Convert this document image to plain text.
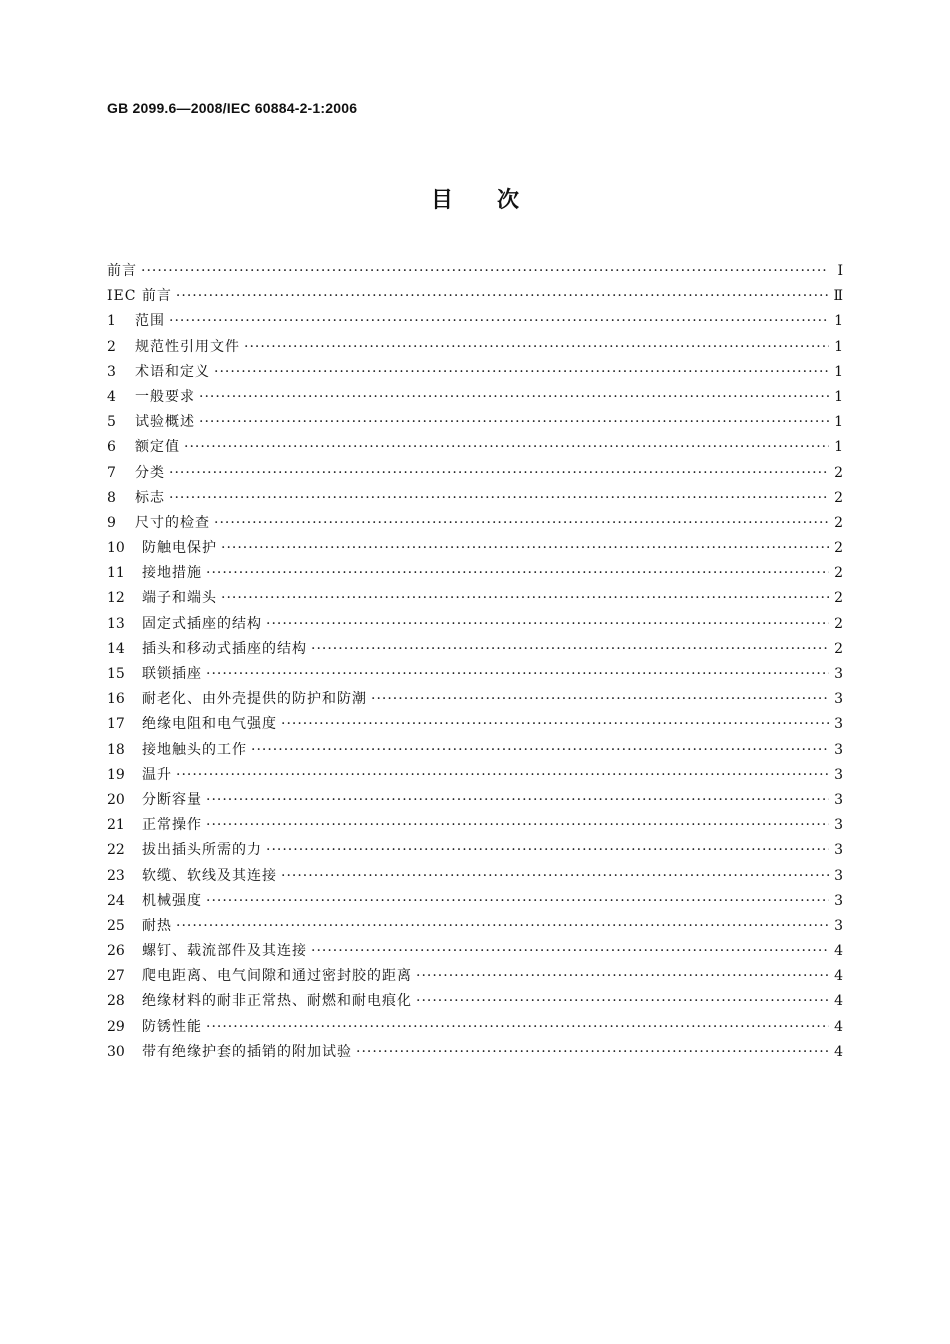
GB 2099.6—2008/IEC 60884-2-1:2006
目次
前言 ·····	Ⅰ
IEC 前言 ·····	Ⅱ
1	范围 ·····	1
2	规范性引用文件 ·····	1
3	术语和定义 ·····	1
4	一般要求 ·····	1
5	试验概述 ·····	1
6	额定值 ·····	1
7	分类 ·····	2
8	标志 ·····	2
9	尺寸的检查 ·····	2
10	防触电保护 ·····	2
11	接地措施 ·····	2
12	端子和端头 ·····	2
13	固定式插座的结构 ·····	2
14	插头和移动式插座的结构 ·····	2
15	联锁插座 ·····	3
16	耐老化、由外壳提供的防护和防潮 ·····	3
17	绝缘电阻和电气强度 ·····	3
18	接地触头的工作 ·····	3
19	温升 ·····	3
20	分断容量 ·····	3
21	正常操作 ·····	3
22	拔出插头所需的力 ·····	3
23	软缆、软线及其连接 ·····	3
24	机械强度 ·····	3
25	耐热 ·····	3
26	螺钉、载流部件及其连接 ·····	4
27	爬电距离、电气间隙和通过密封胶的距离 ·····	4
28	绝缘材料的耐非正常热、耐燃和耐电痕化 ·····	4
29	防锈性能 ·····	4
30	带有绝缘护套的插销的附加试验 ·····	4
